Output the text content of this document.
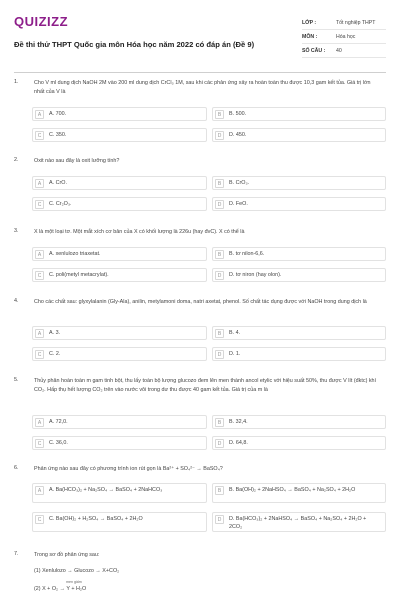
QUIZIZZ
Đề thi thử THPT Quốc gia môn Hóa học năm 2022 có đáp án (Đề 9)
LỚP :	Tốt nghiệp THPT
MÔN :	Hóa học
SỐ CÂU :	40
1.	Cho V ml dung dịch NaOH 2M vào 200 ml dung dịch CrCl₃ 1M, sau khi các phản ứng xảy ra hoàn toàn thu được 10,3 gam kết tủa. Giá trị lớn nhất của V là
A	A. 700.	B	B. 500.
C	C. 350.	D	D. 450.
2.	Oxit nào sau đây là oxit lưỡng tính?
A	A. CrO.	B	B. CrO₃.
C	C. Cr₂O₃.	D	D. FeO.
3.	X là một loại tơ. Một mắt xích cơ bản của X có khối lượng là 226u (hay đvC). X có thể là
A	A. xenlulozo triaxetat.	B	B. tơ nilon-6,6.
C	C. poli(metyl metacrylat).	D	D. tơ niron (hay olon).
4.	Cho các chất sau: glyxylalanin (Gly-Ala), anilin, metylamoni doma, natri axetat, phenol. Số chất tác dụng được với NaOH trong dung dịch là
A	A. 3.	B	B. 4.
C	C. 2.	D	D. 1.
5.	Thủy phân hoàn toàn m gam tinh bột, thu lấy toàn bộ lượng glucozo đem lên men thành ancol etylic với hiệu suất 50%, thu được V lít (đktc) khí CO₂. Hấp thụ hết lượng CO₂ trên vào nước vôi trong dư thu được 40 gam kết tủa. Giá trị của m là
A	A. 72,0.	B	B. 32,4.
C	C. 36,0.	D	D. 64,8.
6.	Phản ứng nào sau đây có phương trình ion rút gọn là Ba²⁺ + SO₄²⁻ → BaSO₄?
A	A. Ba(HCO₃)₂ + Na₂SO₄ → BaSO₄ + 2NaHCO₃	B	B. Ba(OH)₂ + 2NaHSO₄ → BaSO₄ + Na₂SO₄ + 2H₂O
C	C. Ba(OH)₂ + H₂SO₄ → BaSO₄ + 2H₂O	D	D. Ba(HCO₃)₂ + 2NaHSO₄ → BaSO₄ + Na₂SO₄ + 2H₂O + 2CO₂
7.	Trong sơ đồ phản ứng sau:
(1) Xenlulozo → Glucozo → X+CO₂
(2) X + O₂ → Y + H₂O
men giấm
